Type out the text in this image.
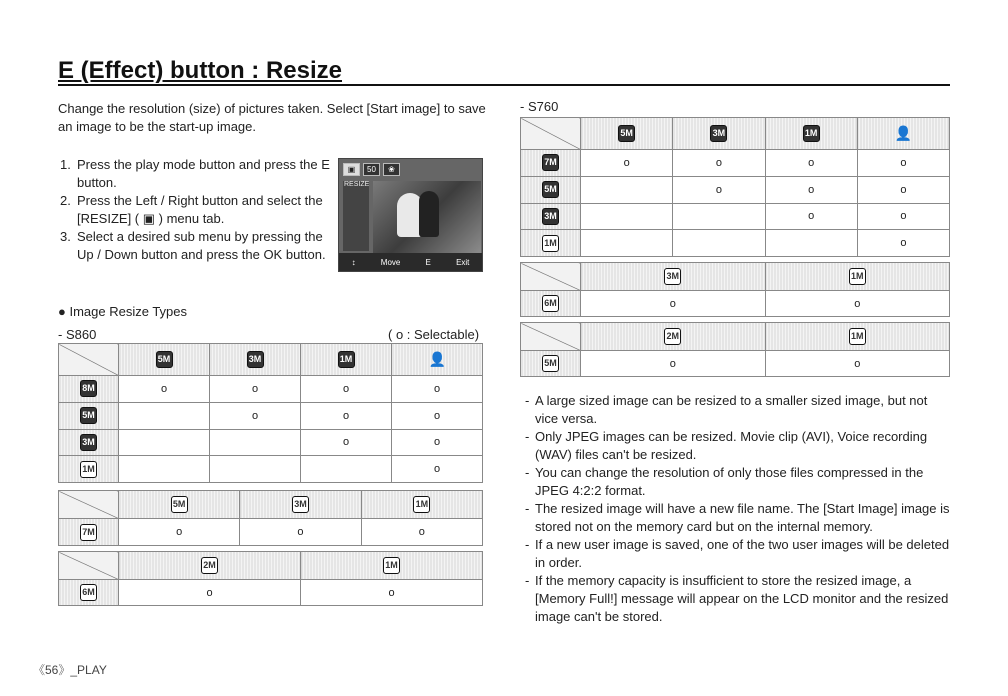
E (Effect) button : Resize

Change the resolution (size) of pictures taken. Select [Start image] to save an image to be the start-up image.

1. Press the play mode button and press the E button.
2. Press the Left / Right button and select the [RESIZE] ( ▣ ) menu tab.
3. Select a desired sub menu by pressing the Up / Down button and press the OK button.
RESIZE
▣	50	❀
↕	Move	E	Exit
● Image Resize Types
- S860	( o : Selectable)
- S760
	5M	3M	1M	👤
8M	o	o	o	o
5M		o	o	o
3M			o	o
1M				o
	5M	3M	1M
7M	o	o	o
	2M	1M
6M	o	o
	5M	3M	1M	👤
7M	o	o	o	o
5M		o	o	o
3M			o	o
1M				o
	3M	1M
6M	o	o
	2M	1M
5M	o	o
- A large sized image can be resized to a smaller sized image, but not vice versa.
- Only JPEG images can be resized. Movie clip (AVI), Voice recording (WAV) files can't be resized.
- You can change the resolution of only those files compressed in the JPEG 4:2:2 format.
- The resized image will have a new file name. The [Start Image] image is stored not on the memory card but on the internal memory.
- If a new user image is saved, one of the two user images will be deleted in order.
- If the memory capacity is insufficient to store the resized image, a [Memory Full!] message will appear on the LCD monitor and the resized image can't be stored.
《56》_PLAY
